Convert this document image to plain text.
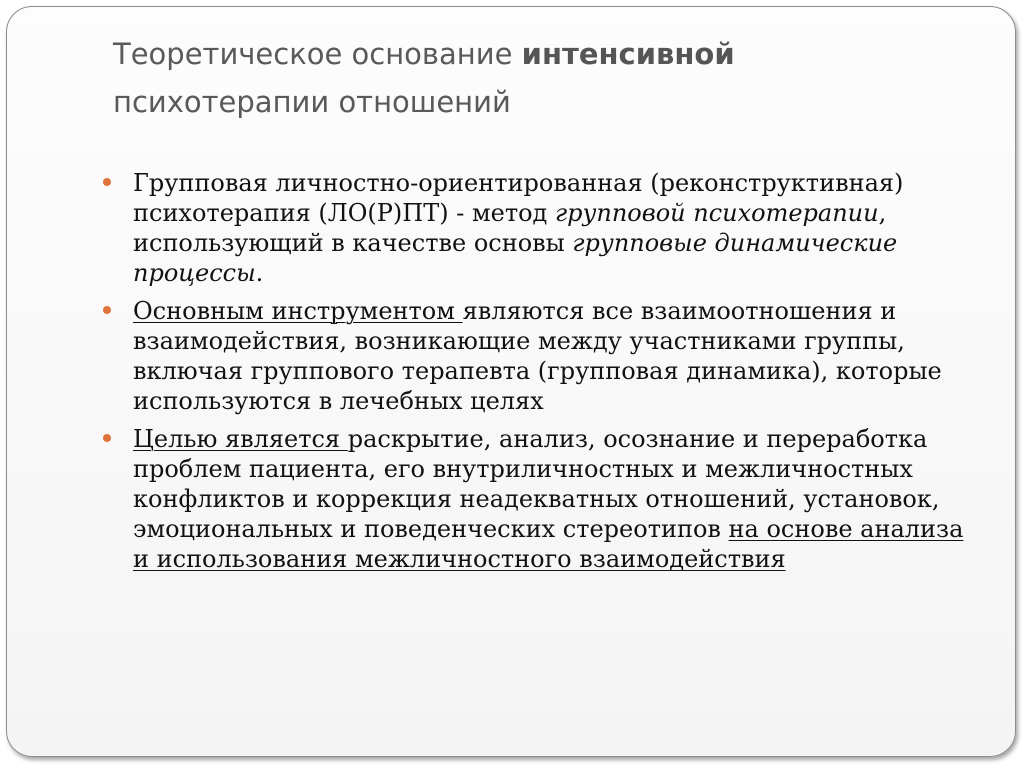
Теоретическое основание интенсивной
психотерапии отношений
Групповая личностно-ориентированная (реконструктивная) психотерапия (ЛО(Р)ПТ) - метод групповой психотерапии, использующий в качестве основы групповые динамические процессы.
Основным инструментом являются все взаимоотношения и взаимодействия, возникающие между участниками группы, включая группового терапевта (групповая динамика), которые используются в лечебных целях
Целью является раскрытие, анализ, осознание и переработка проблем пациента, его внутриличностных и межличностных конфликтов и коррекция неадекватных отношений, установок, эмоциональных и поведенческих стереотипов на основе анализа и использования межличностного взаимодействия
